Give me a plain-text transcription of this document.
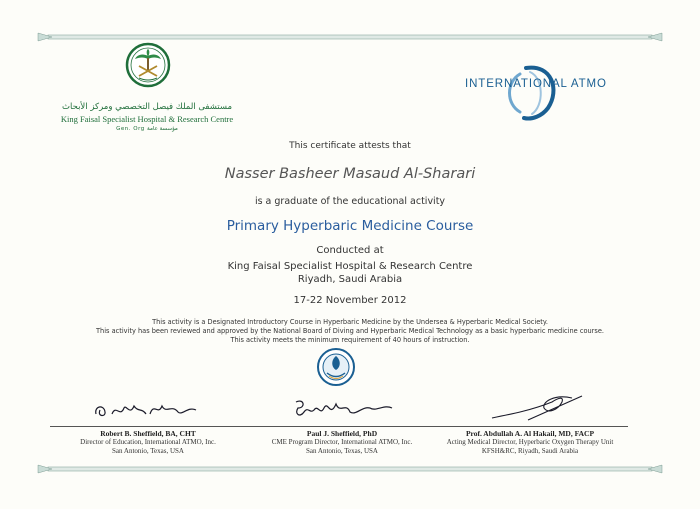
مستشفى الملك فيصل التخصصي ومركز الأبحاث
King Faisal Specialist Hospital & Research Centre
Gen. Org مؤسسة عامة
INTERNATIONAL ATMO
This certificate attests that
Nasser Basheer Masaud Al-Sharari
is a graduate of the educational activity
Primary Hyperbaric Medicine Course
Conducted at
King Faisal Specialist Hospital & Research Centre
Riyadh, Saudi Arabia
17-22 November 2012
This activity is a Designated Introductory Course in Hyperbaric Medicine by the Undersea & Hyperbaric Medical Society.
This activity has been reviewed and approved by the National Board of Diving and Hyperbaric Medical Technology as a basic hyperbaric medicine course.
This activity meets the minimum requirement of 40 hours of instruction.
Robert B. Sheffield, BA, CHT
Director of Education, International ATMO, Inc.
San Antonio, Texas, USA
Paul J. Sheffield, PhD
CME Program Director, International ATMO, Inc.
San Antonio, Texas, USA
Prof. Abdullah A. Al Hakail, MD, FACP
Acting Medical Director, Hyperbaric Oxygen Therapy Unit
KFSH&RC, Riyadh, Saudi Arabia
